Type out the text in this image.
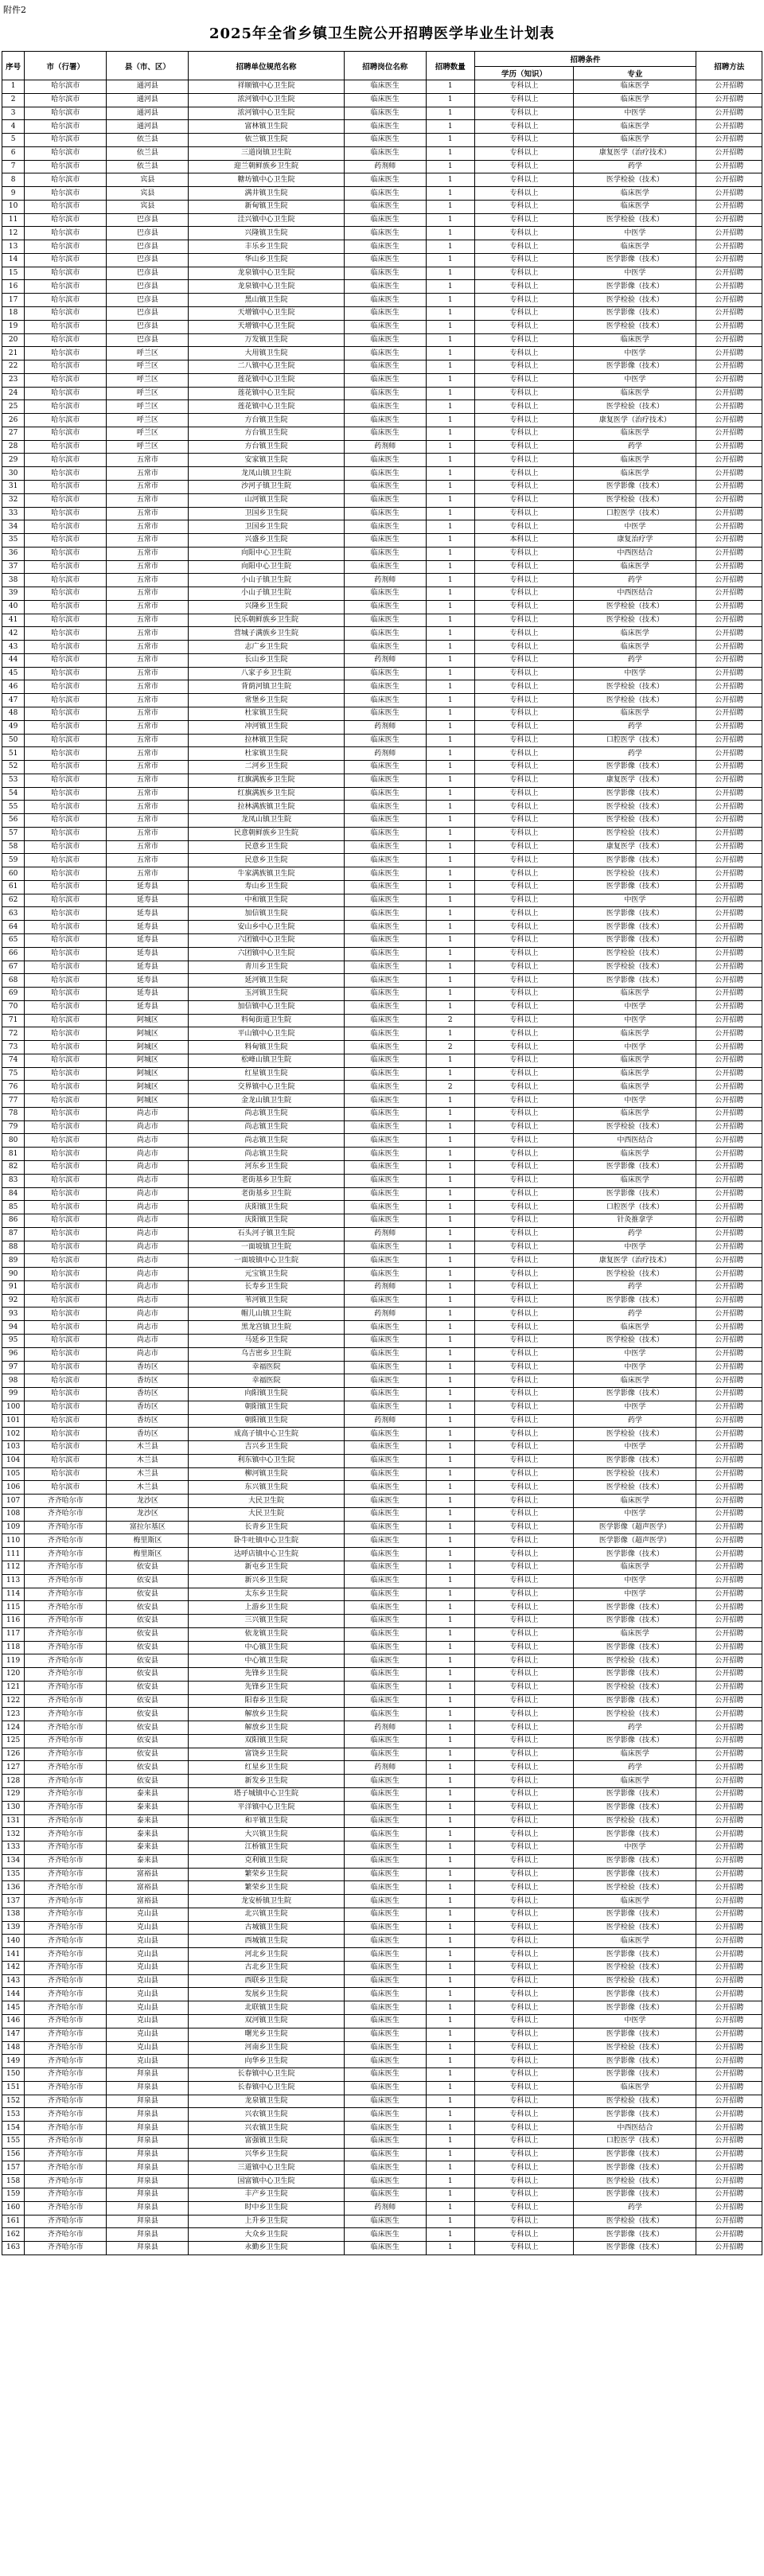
附件2
2025年全省乡镇卫生院公开招聘医学毕业生计划表
序号	市（行署）	县（市、区）	招聘单位规范名称	招聘岗位名称	招聘数量	招聘条件		招聘方法
						学历（知识）	专业	
1	哈尔滨市	通河县	祥顺镇中心卫生院	临床医生	1	专科以上	临床医学	公开招聘
2	哈尔滨市	通河县	浓河镇中心卫生院	临床医生	1	专科以上	临床医学	公开招聘
3	哈尔滨市	通河县	浓河镇中心卫生院	临床医生	1	专科以上	中医学	公开招聘
4	哈尔滨市	通河县	富林镇卫生院	临床医生	1	专科以上	临床医学	公开招聘
5	哈尔滨市	依兰县	依兰镇卫生院	临床医生	1	专科以上	临床医学	公开招聘
6	哈尔滨市	依兰县	三道岗镇卫生院	临床医生	1	专科以上	康复医学（治疗技术）	公开招聘
7	哈尔滨市	依兰县	迎兰朝鲜族乡卫生院	药剂师	1	专科以上	药学	公开招聘
8	哈尔滨市	宾县	糖坊镇中心卫生院	临床医生	1	专科以上	医学检验（技术）	公开招聘
9	哈尔滨市	宾县	满井镇卫生院	临床医生	1	专科以上	临床医学	公开招聘
10	哈尔滨市	宾县	新甸镇卫生院	临床医生	1	专科以上	临床医学	公开招聘
11	哈尔滨市	巴彦县	洼兴镇中心卫生院	临床医生	1	专科以上	医学检验（技术）	公开招聘
12	哈尔滨市	巴彦县	兴隆镇卫生院	临床医生	1	专科以上	中医学	公开招聘
13	哈尔滨市	巴彦县	丰乐乡卫生院	临床医生	1	专科以上	临床医学	公开招聘
14	哈尔滨市	巴彦县	华山乡卫生院	临床医生	1	专科以上	医学影像（技术）	公开招聘
15	哈尔滨市	巴彦县	龙泉镇中心卫生院	临床医生	1	专科以上	中医学	公开招聘
16	哈尔滨市	巴彦县	龙泉镇中心卫生院	临床医生	1	专科以上	医学影像（技术）	公开招聘
17	哈尔滨市	巴彦县	黑山镇卫生院	临床医生	1	专科以上	医学检验（技术）	公开招聘
18	哈尔滨市	巴彦县	天增镇中心卫生院	临床医生	1	专科以上	医学影像（技术）	公开招聘
19	哈尔滨市	巴彦县	天增镇中心卫生院	临床医生	1	专科以上	医学检验（技术）	公开招聘
20	哈尔滨市	巴彦县	万发镇卫生院	临床医生	1	专科以上	临床医学	公开招聘
21	哈尔滨市	呼兰区	大用镇卫生院	临床医生	1	专科以上	中医学	公开招聘
22	哈尔滨市	呼兰区	二八镇中心卫生院	临床医生	1	专科以上	医学影像（技术）	公开招聘
23	哈尔滨市	呼兰区	莲花镇中心卫生院	临床医生	1	专科以上	中医学	公开招聘
24	哈尔滨市	呼兰区	莲花镇中心卫生院	临床医生	1	专科以上	临床医学	公开招聘
25	哈尔滨市	呼兰区	莲花镇中心卫生院	临床医生	1	专科以上	医学检验（技术）	公开招聘
26	哈尔滨市	呼兰区	方台镇卫生院	临床医生	1	专科以上	康复医学（治疗技术）	公开招聘
27	哈尔滨市	呼兰区	方台镇卫生院	临床医生	1	专科以上	临床医学	公开招聘
28	哈尔滨市	呼兰区	方台镇卫生院	药剂师	1	专科以上	药学	公开招聘
29	哈尔滨市	五常市	安家镇卫生院	临床医生	1	专科以上	临床医学	公开招聘
30	哈尔滨市	五常市	龙凤山镇卫生院	临床医生	1	专科以上	临床医学	公开招聘
31	哈尔滨市	五常市	沙河子镇卫生院	临床医生	1	专科以上	医学影像（技术）	公开招聘
32	哈尔滨市	五常市	山河镇卫生院	临床医生	1	专科以上	医学检验（技术）	公开招聘
33	哈尔滨市	五常市	卫国乡卫生院	临床医生	1	专科以上	口腔医学（技术）	公开招聘
34	哈尔滨市	五常市	卫国乡卫生院	临床医生	1	专科以上	中医学	公开招聘
35	哈尔滨市	五常市	兴盛乡卫生院	临床医生	1	本科以上	康复治疗学	公开招聘
36	哈尔滨市	五常市	向阳中心卫生院	临床医生	1	专科以上	中西医结合	公开招聘
37	哈尔滨市	五常市	向阳中心卫生院	临床医生	1	专科以上	临床医学	公开招聘
38	哈尔滨市	五常市	小山子镇卫生院	药剂师	1	专科以上	药学	公开招聘
39	哈尔滨市	五常市	小山子镇卫生院	临床医生	1	专科以上	中西医结合	公开招聘
40	哈尔滨市	五常市	兴隆乡卫生院	临床医生	1	专科以上	医学检验（技术）	公开招聘
41	哈尔滨市	五常市	民乐朝鲜族乡卫生院	临床医生	1	专科以上	医学检验（技术）	公开招聘
42	哈尔滨市	五常市	营城子满族乡卫生院	临床医生	1	专科以上	临床医学	公开招聘
43	哈尔滨市	五常市	志广乡卫生院	临床医生	1	专科以上	临床医学	公开招聘
44	哈尔滨市	五常市	长山乡卫生院	药剂师	1	专科以上	药学	公开招聘
45	哈尔滨市	五常市	八家子乡卫生院	临床医生	1	专科以上	中医学	公开招聘
46	哈尔滨市	五常市	背荫河镇卫生院	临床医生	1	专科以上	医学检验（技术）	公开招聘
47	哈尔滨市	五常市	常堡乡卫生院	临床医生	1	专科以上	医学检验（技术）	公开招聘
48	哈尔滨市	五常市	杜家镇卫生院	临床医生	1	专科以上	临床医学	公开招聘
49	哈尔滨市	五常市	冲河镇卫生院	药剂师	1	专科以上	药学	公开招聘
50	哈尔滨市	五常市	拉林镇卫生院	临床医生	1	专科以上	口腔医学（技术）	公开招聘
51	哈尔滨市	五常市	杜家镇卫生院	药剂师	1	专科以上	药学	公开招聘
52	哈尔滨市	五常市	二河乡卫生院	临床医生	1	专科以上	医学影像（技术）	公开招聘
53	哈尔滨市	五常市	红旗满族乡卫生院	临床医生	1	专科以上	康复医学（技术）	公开招聘
54	哈尔滨市	五常市	红旗满族乡卫生院	临床医生	1	专科以上	医学影像（技术）	公开招聘
55	哈尔滨市	五常市	拉林满族镇卫生院	临床医生	1	专科以上	医学检验（技术）	公开招聘
56	哈尔滨市	五常市	龙凤山镇卫生院	临床医生	1	专科以上	医学检验（技术）	公开招聘
57	哈尔滨市	五常市	民意朝鲜族乡卫生院	临床医生	1	专科以上	医学检验（技术）	公开招聘
58	哈尔滨市	五常市	民意乡卫生院	临床医生	1	专科以上	康复医学（技术）	公开招聘
59	哈尔滨市	五常市	民意乡卫生院	临床医生	1	专科以上	医学影像（技术）	公开招聘
60	哈尔滨市	五常市	牛家满族镇卫生院	临床医生	1	专科以上	医学检验（技术）	公开招聘
61	哈尔滨市	延寿县	寿山乡卫生院	临床医生	1	专科以上	医学影像（技术）	公开招聘
62	哈尔滨市	延寿县	中和镇卫生院	临床医生	1	专科以上	中医学	公开招聘
63	哈尔滨市	延寿县	加信镇卫生院	临床医生	1	专科以上	医学影像（技术）	公开招聘
64	哈尔滨市	延寿县	安山乡中心卫生院	临床医生	1	专科以上	医学影像（技术）	公开招聘
65	哈尔滨市	延寿县	六团镇中心卫生院	临床医生	1	专科以上	医学影像（技术）	公开招聘
66	哈尔滨市	延寿县	六团镇中心卫生院	临床医生	1	专科以上	医学检验（技术）	公开招聘
67	哈尔滨市	延寿县	青川乡卫生院	临床医生	1	专科以上	医学检验（技术）	公开招聘
68	哈尔滨市	延寿县	延河镇卫生院	临床医生	1	专科以上	医学影像（技术）	公开招聘
69	哈尔滨市	延寿县	玉河镇卫生院	临床医生	1	专科以上	临床医学	公开招聘
70	哈尔滨市	延寿县	加信镇中心卫生院	临床医生	1	专科以上	中医学	公开招聘
71	哈尔滨市	阿城区	料甸街道卫生院	临床医生	2	专科以上	中医学	公开招聘
72	哈尔滨市	阿城区	平山镇中心卫生院	临床医生	1	专科以上	临床医学	公开招聘
73	哈尔滨市	阿城区	料甸镇卫生院	临床医生	2	专科以上	中医学	公开招聘
74	哈尔滨市	阿城区	松峰山镇卫生院	临床医生	1	专科以上	临床医学	公开招聘
75	哈尔滨市	阿城区	红星镇卫生院	临床医生	1	专科以上	临床医学	公开招聘
76	哈尔滨市	阿城区	交界镇中心卫生院	临床医生	2	专科以上	临床医学	公开招聘
77	哈尔滨市	阿城区	金龙山镇卫生院	临床医生	1	专科以上	中医学	公开招聘
78	哈尔滨市	尚志市	尚志镇卫生院	临床医生	1	专科以上	临床医学	公开招聘
79	哈尔滨市	尚志市	尚志镇卫生院	临床医生	1	专科以上	医学检验（技术）	公开招聘
80	哈尔滨市	尚志市	尚志镇卫生院	临床医生	1	专科以上	中西医结合	公开招聘
81	哈尔滨市	尚志市	尚志镇卫生院	临床医生	1	专科以上	临床医学	公开招聘
82	哈尔滨市	尚志市	河东乡卫生院	临床医生	1	专科以上	医学影像（技术）	公开招聘
83	哈尔滨市	尚志市	老街基乡卫生院	临床医生	1	专科以上	临床医学	公开招聘
84	哈尔滨市	尚志市	老街基乡卫生院	临床医生	1	专科以上	医学影像（技术）	公开招聘
85	哈尔滨市	尚志市	庆阳镇卫生院	临床医生	1	专科以上	口腔医学（技术）	公开招聘
86	哈尔滨市	尚志市	庆阳镇卫生院	临床医生	1	专科以上	针灸推拿学	公开招聘
87	哈尔滨市	尚志市	石头河子镇卫生院	药剂师	1	专科以上	药学	公开招聘
88	哈尔滨市	尚志市	一面坡镇卫生院	临床医生	1	专科以上	中医学	公开招聘
89	哈尔滨市	尚志市	一面坡镇中心卫生院	临床医生	1	专科以上	康复医学（治疗技术）	公开招聘
90	哈尔滨市	尚志市	元宝镇卫生院	临床医生	1	专科以上	医学检验（技术）	公开招聘
91	哈尔滨市	尚志市	长寿乡卫生院	药剂师	1	专科以上	药学	公开招聘
92	哈尔滨市	尚志市	苇河镇卫生院	临床医生	1	专科以上	医学影像（技术）	公开招聘
93	哈尔滨市	尚志市	帽儿山镇卫生院	药剂师	1	专科以上	药学	公开招聘
94	哈尔滨市	尚志市	黑龙宫镇卫生院	临床医生	1	专科以上	临床医学	公开招聘
95	哈尔滨市	尚志市	马延乡卫生院	临床医生	1	专科以上	医学检验（技术）	公开招聘
96	哈尔滨市	尚志市	乌吉密乡卫生院	临床医生	1	专科以上	中医学	公开招聘
97	哈尔滨市	香坊区	幸福医院	临床医生	1	专科以上	中医学	公开招聘
98	哈尔滨市	香坊区	幸福医院	临床医生	1	专科以上	临床医学	公开招聘
99	哈尔滨市	香坊区	向阳镇卫生院	临床医生	1	专科以上	医学影像（技术）	公开招聘
100	哈尔滨市	香坊区	朝阳镇卫生院	临床医生	1	专科以上	中医学	公开招聘
101	哈尔滨市	香坊区	朝阳镇卫生院	药剂师	1	专科以上	药学	公开招聘
102	哈尔滨市	香坊区	成高子镇中心卫生院	临床医生	1	专科以上	医学检验（技术）	公开招聘
103	哈尔滨市	木兰县	吉兴乡卫生院	临床医生	1	专科以上	中医学	公开招聘
104	哈尔滨市	木兰县	利东镇中心卫生院	临床医生	1	专科以上	医学影像（技术）	公开招聘
105	哈尔滨市	木兰县	柳河镇卫生院	临床医生	1	专科以上	医学检验（技术）	公开招聘
106	哈尔滨市	木兰县	东兴镇卫生院	临床医生	1	专科以上	医学检验（技术）	公开招聘
107	齐齐哈尔市	龙沙区	大民卫生院	临床医生	1	专科以上	临床医学	公开招聘
108	齐齐哈尔市	龙沙区	大民卫生院	临床医生	1	专科以上	中医学	公开招聘
109	齐齐哈尔市	富拉尔基区	长青乡卫生院	临床医生	1	专科以上	医学影像（超声医学）	公开招聘
110	齐齐哈尔市	梅里斯区	卧牛吐镇中心卫生院	临床医生	1	专科以上	医学影像（超声医学）	公开招聘
111	齐齐哈尔市	梅里斯区	达呼店镇中心卫生院	临床医生	1	专科以上	医学影像（技术）	公开招聘
112	齐齐哈尔市	依安县	新屯乡卫生院	临床医生	1	专科以上	临床医学	公开招聘
113	齐齐哈尔市	依安县	新兴乡卫生院	临床医生	1	专科以上	中医学	公开招聘
114	齐齐哈尔市	依安县	太东乡卫生院	临床医生	1	专科以上	中医学	公开招聘
115	齐齐哈尔市	依安县	上游乡卫生院	临床医生	1	专科以上	医学影像（技术）	公开招聘
116	齐齐哈尔市	依安县	三兴镇卫生院	临床医生	1	专科以上	医学影像（技术）	公开招聘
117	齐齐哈尔市	依安县	依龙镇卫生院	临床医生	1	专科以上	临床医学	公开招聘
118	齐齐哈尔市	依安县	中心镇卫生院	临床医生	1	专科以上	医学影像（技术）	公开招聘
119	齐齐哈尔市	依安县	中心镇卫生院	临床医生	1	专科以上	医学检验（技术）	公开招聘
120	齐齐哈尔市	依安县	先锋乡卫生院	临床医生	1	专科以上	医学影像（技术）	公开招聘
121	齐齐哈尔市	依安县	先锋乡卫生院	临床医生	1	专科以上	医学检验（技术）	公开招聘
122	齐齐哈尔市	依安县	阳春乡卫生院	临床医生	1	专科以上	医学影像（技术）	公开招聘
123	齐齐哈尔市	依安县	解放乡卫生院	临床医生	1	专科以上	医学检验（技术）	公开招聘
124	齐齐哈尔市	依安县	解放乡卫生院	药剂师	1	专科以上	药学	公开招聘
125	齐齐哈尔市	依安县	双阳镇卫生院	临床医生	1	专科以上	医学影像（技术）	公开招聘
126	齐齐哈尔市	依安县	富饶乡卫生院	临床医生	1	专科以上	临床医学	公开招聘
127	齐齐哈尔市	依安县	红星乡卫生院	药剂师	1	专科以上	药学	公开招聘
128	齐齐哈尔市	依安县	新发乡卫生院	临床医生	1	专科以上	临床医学	公开招聘
129	齐齐哈尔市	泰来县	塔子城镇中心卫生院	临床医生	1	专科以上	医学影像（技术）	公开招聘
130	齐齐哈尔市	泰来县	平洋镇中心卫生院	临床医生	1	专科以上	医学影像（技术）	公开招聘
131	齐齐哈尔市	泰来县	和平镇卫生院	临床医生	1	专科以上	医学检验（技术）	公开招聘
132	齐齐哈尔市	泰来县	大兴镇卫生院	临床医生	1	专科以上	医学影像（技术）	公开招聘
133	齐齐哈尔市	泰来县	江桥镇卫生院	临床医生	1	专科以上	中医学	公开招聘
134	齐齐哈尔市	泰来县	克利镇卫生院	临床医生	1	专科以上	医学影像（技术）	公开招聘
135	齐齐哈尔市	富裕县	繁荣乡卫生院	临床医生	1	专科以上	医学影像（技术）	公开招聘
136	齐齐哈尔市	富裕县	繁荣乡卫生院	临床医生	1	专科以上	医学检验（技术）	公开招聘
137	齐齐哈尔市	富裕县	龙安桥镇卫生院	临床医生	1	专科以上	临床医学	公开招聘
138	齐齐哈尔市	克山县	北兴镇卫生院	临床医生	1	专科以上	医学影像（技术）	公开招聘
139	齐齐哈尔市	克山县	古城镇卫生院	临床医生	1	专科以上	医学检验（技术）	公开招聘
140	齐齐哈尔市	克山县	西城镇卫生院	临床医生	1	专科以上	临床医学	公开招聘
141	齐齐哈尔市	克山县	河北乡卫生院	临床医生	1	专科以上	医学影像（技术）	公开招聘
142	齐齐哈尔市	克山县	古北乡卫生院	临床医生	1	专科以上	医学检验（技术）	公开招聘
143	齐齐哈尔市	克山县	西联乡卫生院	临床医生	1	专科以上	医学检验（技术）	公开招聘
144	齐齐哈尔市	克山县	发展乡卫生院	临床医生	1	专科以上	医学影像（技术）	公开招聘
145	齐齐哈尔市	克山县	北联镇卫生院	临床医生	1	专科以上	医学影像（技术）	公开招聘
146	齐齐哈尔市	克山县	双河镇卫生院	临床医生	1	专科以上	中医学	公开招聘
147	齐齐哈尔市	克山县	曙光乡卫生院	临床医生	1	专科以上	医学影像（技术）	公开招聘
148	齐齐哈尔市	克山县	河南乡卫生院	临床医生	1	专科以上	医学检验（技术）	公开招聘
149	齐齐哈尔市	克山县	向华乡卫生院	临床医生	1	专科以上	医学影像（技术）	公开招聘
150	齐齐哈尔市	拜泉县	长春镇中心卫生院	临床医生	1	专科以上	医学影像（技术）	公开招聘
151	齐齐哈尔市	拜泉县	长春镇中心卫生院	临床医生	1	专科以上	临床医学	公开招聘
152	齐齐哈尔市	拜泉县	龙泉镇卫生院	临床医生	1	专科以上	医学检验（技术）	公开招聘
153	齐齐哈尔市	拜泉县	兴农镇卫生院	临床医生	1	专科以上	医学影像（技术）	公开招聘
154	齐齐哈尔市	拜泉县	兴农镇卫生院	临床医生	1	专科以上	中西医结合	公开招聘
155	齐齐哈尔市	拜泉县	富强镇卫生院	临床医生	1	专科以上	口腔医学（技术）	公开招聘
156	齐齐哈尔市	拜泉县	兴华乡卫生院	临床医生	1	专科以上	医学影像（技术）	公开招聘
157	齐齐哈尔市	拜泉县	三道镇中心卫生院	临床医生	1	专科以上	医学影像（技术）	公开招聘
158	齐齐哈尔市	拜泉县	国富镇中心卫生院	临床医生	1	专科以上	医学检验（技术）	公开招聘
159	齐齐哈尔市	拜泉县	丰产乡卫生院	临床医生	1	专科以上	医学影像（技术）	公开招聘
160	齐齐哈尔市	拜泉县	时中乡卫生院	药剂师	1	专科以上	药学	公开招聘
161	齐齐哈尔市	拜泉县	上升乡卫生院	临床医生	1	专科以上	医学检验（技术）	公开招聘
162	齐齐哈尔市	拜泉县	大众乡卫生院	临床医生	1	专科以上	医学影像（技术）	公开招聘
163	齐齐哈尔市	拜泉县	永勤乡卫生院	临床医生	1	专科以上	医学影像（技术）	公开招聘
